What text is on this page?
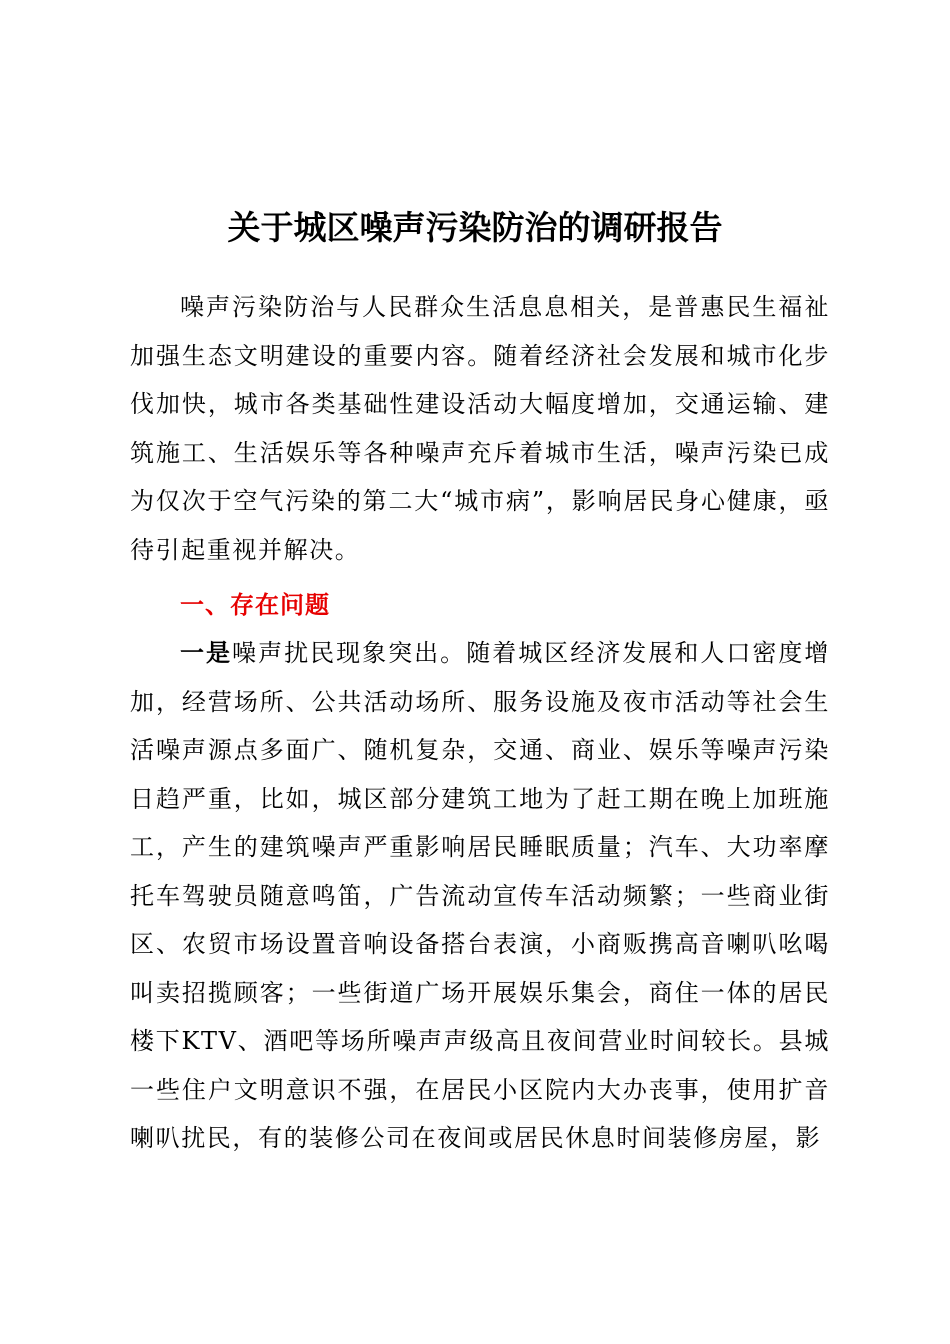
关于城区噪声污染防治的调研报告

噪声污染防治与人民群众生活息息相关，是普惠民生福祉加强生态文明建设的重要内容。随着经济社会发展和城市化步伐加快，城市各类基础性建设活动大幅度增加，交通运输、建筑施工、生活娱乐等各种噪声充斥着城市生活，噪声污染已成为仅次于空气污染的第二大“城市病”，影响居民身心健康，亟待引起重视并解决。

一、存在问题

一是噪声扰民现象突出。随着城区经济发展和人口密度增加，经营场所、公共活动场所、服务设施及夜市活动等社会生活噪声源点多面广、随机复杂，交通、商业、娱乐等噪声污染日趋严重，比如，城区部分建筑工地为了赶工期在晚上加班施工，产生的建筑噪声严重影响居民睡眠质量；汽车、大功率摩托车驾驶员随意鸣笛，广告流动宣传车活动频繁；一些商业街区、农贸市场设置音响设备搭台表演，小商贩携高音喇叭吆喝叫卖招揽顾客；一些街道广场开展娱乐集会，商住一体的居民楼下KTV、酒吧等场所噪声声级高且夜间营业时间较长。县城一些住户文明意识不强，在居民小区院内大办丧事，使用扩音喇叭扰民，有的装修公司在夜间或居民休息时间装修房屋，影
